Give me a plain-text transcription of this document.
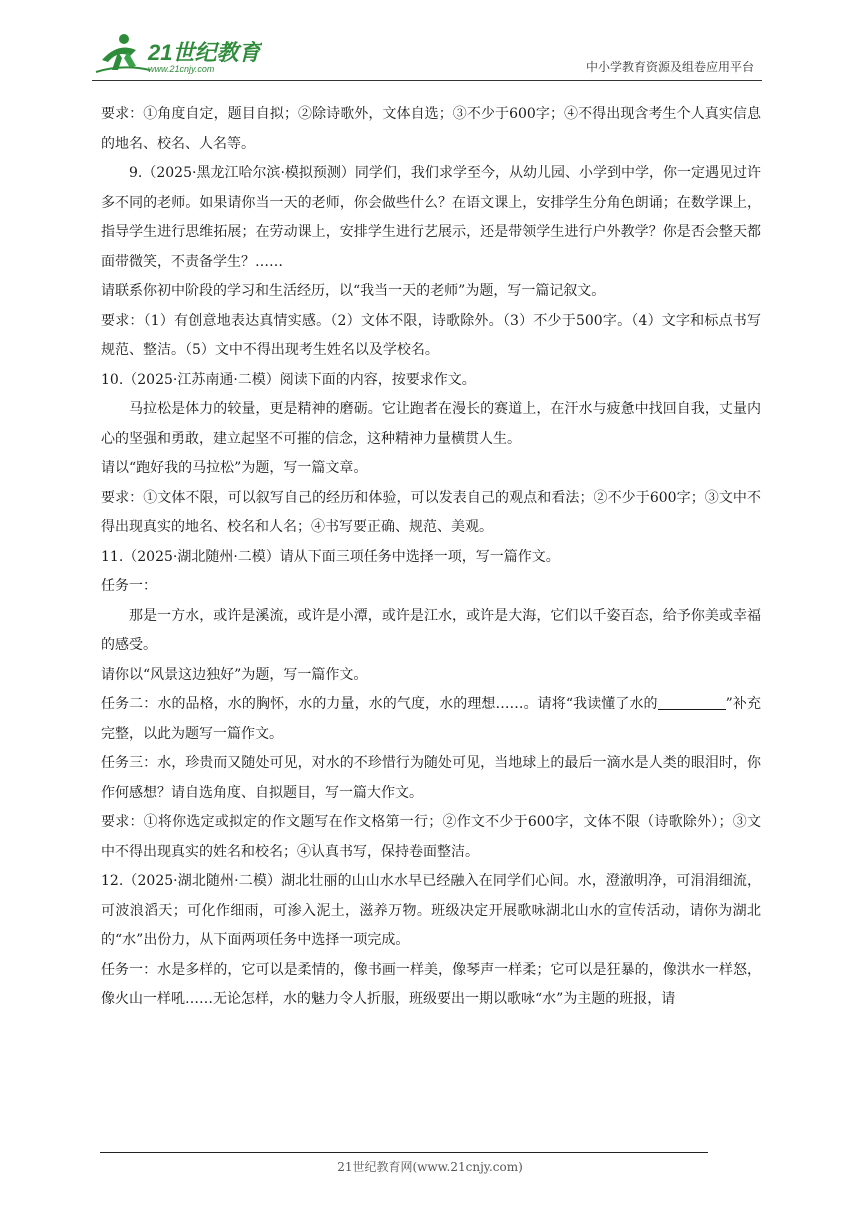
21世纪教育
www.21cnjy.com	中小学教育资源及组卷应用平台

要求：①角度自定，题目自拟；②除诗歌外，文体自选；③不少于600字；④不得出现含考生个人真实信息的地名、校名、人名等。

9.（2025·黑龙江哈尔滨·模拟预测）同学们，我们求学至今，从幼儿园、小学到中学，你一定遇见过许多不同的老师。如果请你当一天的老师，你会做些什么？在语文课上，安排学生分角色朗诵；在数学课上，指导学生进行思维拓展；在劳动课上，安排学生进行艺展示，还是带领学生进行户外教学？你是否会整天都面带微笑，不责备学生？……

请联系你初中阶段的学习和生活经历，以“我当一天的老师”为题，写一篇记叙文。

要求：（1）有创意地表达真情实感。（2）文体不限，诗歌除外。（3）不少于500字。（4）文字和标点书写规范、整洁。（5）文中不得出现考生姓名以及学校名。

10.（2025·江苏南通·二模）阅读下面的内容，按要求作文。

马拉松是体力的较量，更是精神的磨砺。它让跑者在漫长的赛道上，在汗水与疲惫中找回自我，丈量内心的坚强和勇敢，建立起坚不可摧的信念，这种精神力量横贯人生。

请以“跑好我的马拉松”为题，写一篇文章。

要求：①文体不限，可以叙写自己的经历和体验，可以发表自己的观点和看法；②不少于600字；③文中不得出现真实的地名、校名和人名；④书写要正确、规范、美观。

11.（2025·湖北随州·二模）请从下面三项任务中选择一项，写一篇作文。

任务一：

那是一方水，或许是溪流，或许是小潭，或许是江水，或许是大海，它们以千姿百态，给予你美或幸福的感受。

请你以“风景这边独好”为题，写一篇作文。

任务二：水的品格，水的胸怀，水的力量，水的气度，水的理想……。请将“我读懂了水的	”补充完整，以此为题写一篇作文。

任务三：水，珍贵而又随处可见，对水的不珍惜行为随处可见，当地球上的最后一滴水是人类的眼泪时，你作何感想？请自选角度、自拟题目，写一篇大作文。

要求：①将你选定或拟定的作文题写在作文格第一行；②作文不少于600字，文体不限（诗歌除外）；③文中不得出现真实的姓名和校名；④认真书写，保持卷面整洁。

12.（2025·湖北随州·二模）湖北壮丽的山山水水早已经融入在同学们心间。水，澄澈明净，可涓涓细流，可波浪滔天；可化作细雨，可渗入泥土，滋养万物。班级决定开展歌咏湖北山水的宣传活动，请你为湖北的“水”出份力，从下面两项任务中选择一项完成。

任务一：水是多样的，它可以是柔情的，像书画一样美，像琴声一样柔；它可以是狂暴的，像洪水一样怒，像火山一样吼……无论怎样，水的魅力令人折服，班级要出一期以歌咏“水”为主题的班报，请

21世纪教育网(www.21cnjy.com)
